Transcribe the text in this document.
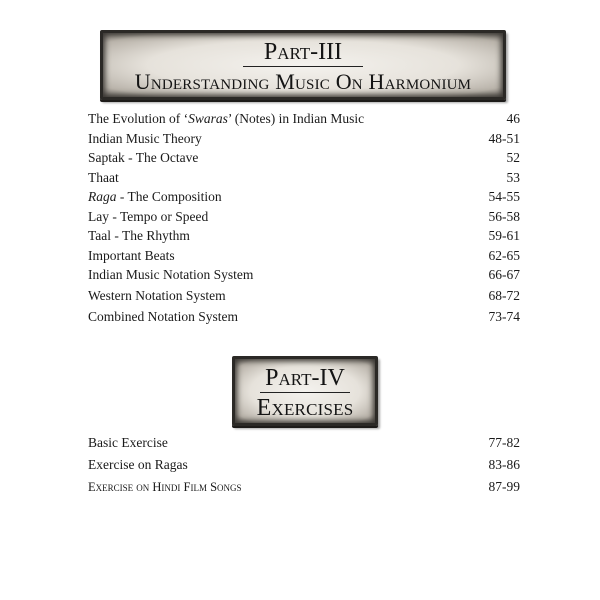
Part-III
Understanding Music On Harmonium
The Evolution of ‘Swaras’ (Notes) in Indian Music	46
Indian Music Theory	48-51
Saptak - The Octave	52
Thaat	53
Raga - The Composition	54-55
Lay - Tempo or Speed	56-58
Taal - The Rhythm	59-61
Important Beats	62-65
Indian Music Notation System	66-67
Western Notation System	68-72
Combined Notation System	73-74
Part-IV
Exercises
Basic Exercise	77-82
Exercise on Ragas	83-86
Exercise on Hindi Film Songs	87-99
